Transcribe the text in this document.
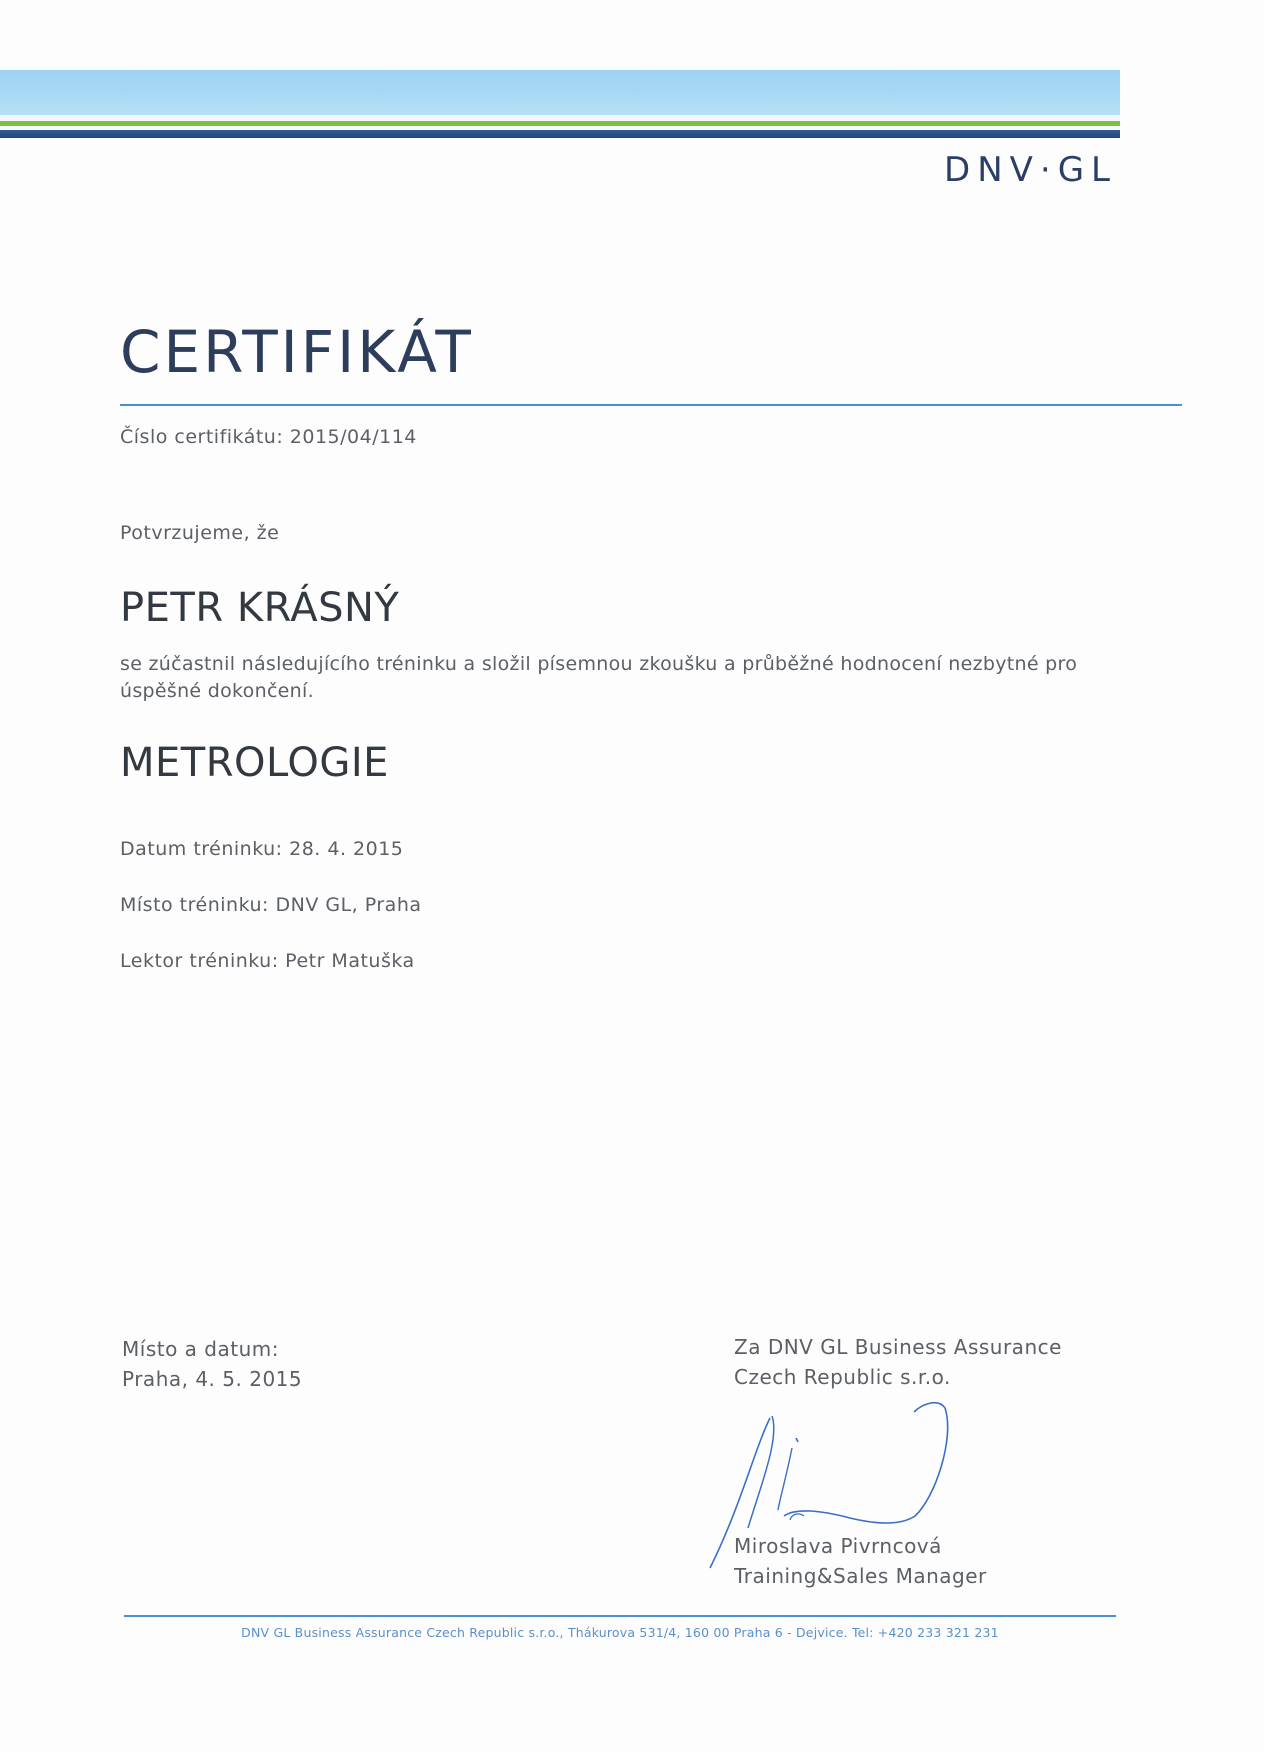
DNV·GL
CERTIFIKÁT
Číslo certifikátu: 2015/04/114
Potvrzujeme, že
PETR KRÁSNÝ
se zúčastnil následujícího tréninku a složil písemnou zkoušku a průběžné hodnocení nezbytné pro
úspěšné dokončení.
METROLOGIE
Datum tréninku: 28. 4. 2015
Místo tréninku: DNV GL, Praha
Lektor tréninku: Petr Matuška
Místo a datum:
Praha, 4. 5. 2015
Za DNV GL Business Assurance
Czech Republic s.r.o.
Miroslava Pivrncová
Training&Sales Manager
DNV GL Business Assurance Czech Republic s.r.o., Thákurova 531/4, 160 00 Praha 6 - Dejvice. Tel: +420 233 321 231
